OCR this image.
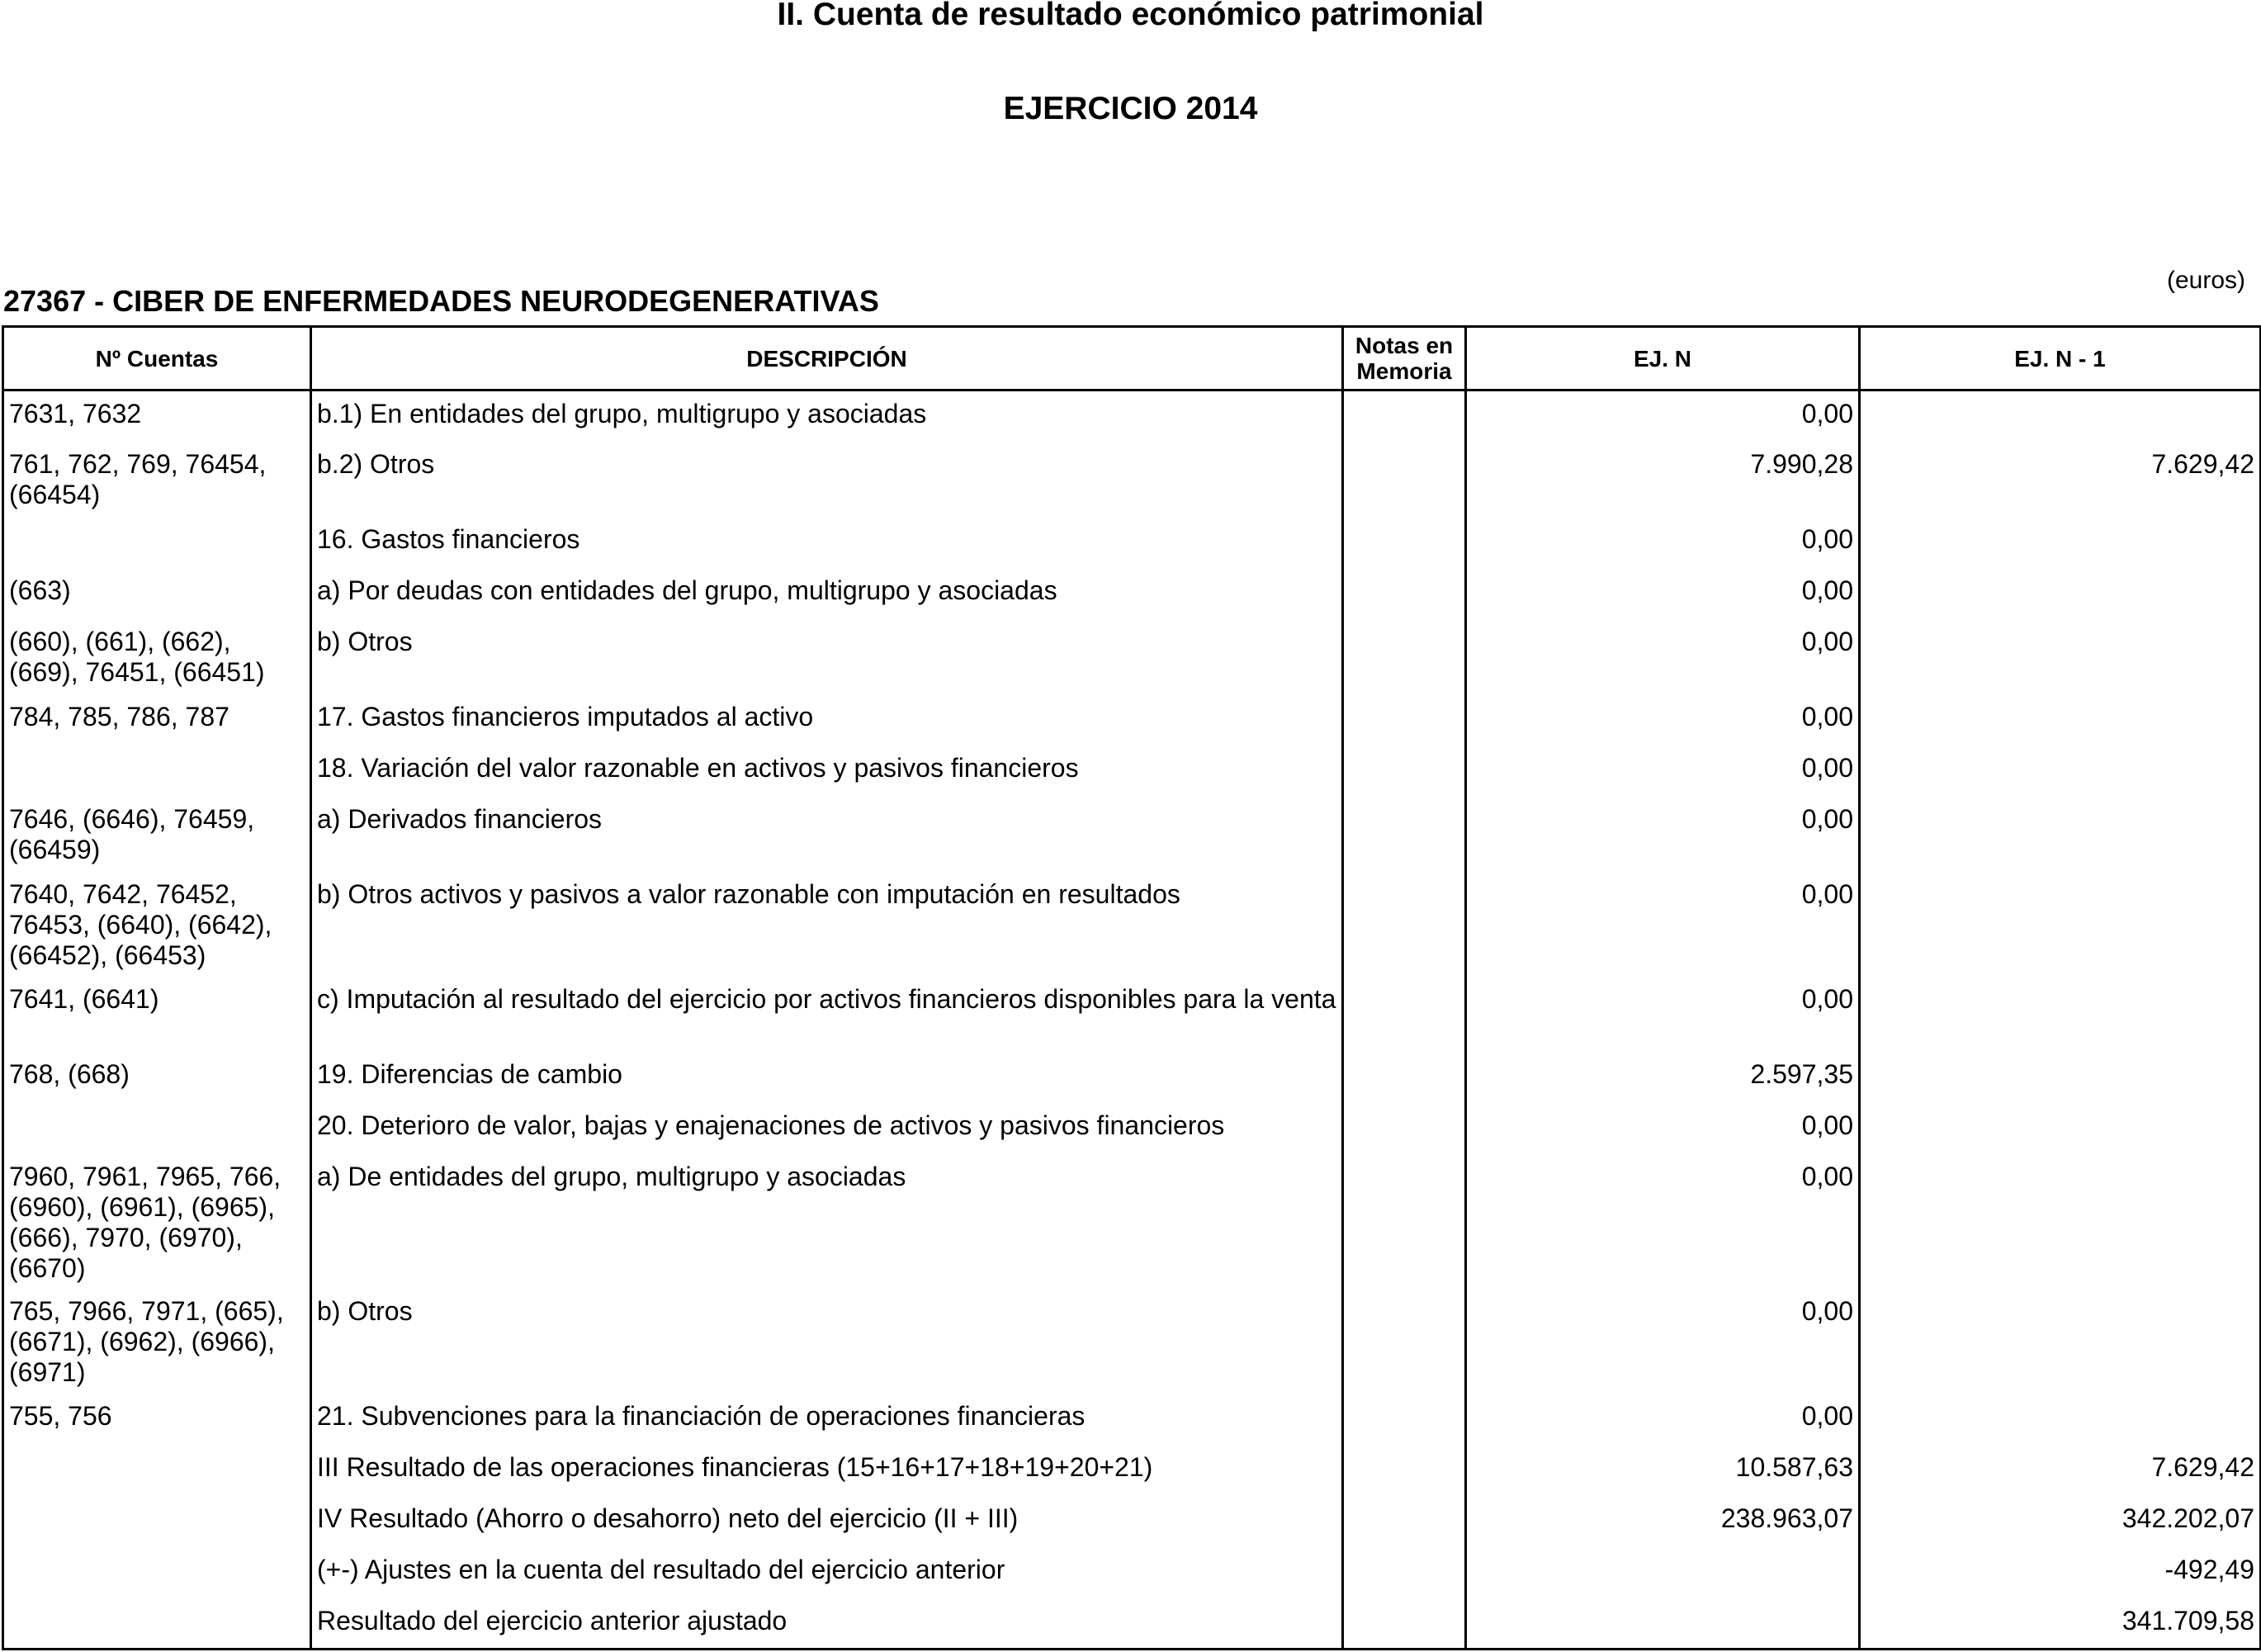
II. Cuenta de resultado económico patrimonial
EJERCICIO 2014
(euros)
27367 - CIBER DE ENFERMEDADES NEURODEGENERATIVAS
Nº Cuentas	DESCRIPCIÓN	Notas en Memoria	EJ. N	EJ. N - 1
7631, 7632	b.1) En entidades del grupo, multigrupo y asociadas		0,00	
761, 762, 769, 76454, (66454)	b.2) Otros		7.990,28	7.629,42
	16. Gastos financieros		0,00	
(663)	a) Por deudas con entidades del grupo, multigrupo y asociadas		0,00	
(660), (661), (662), (669), 76451, (66451)	b) Otros		0,00	
784, 785, 786, 787	17. Gastos financieros imputados al activo		0,00	
	18. Variación del valor razonable en activos y pasivos financieros		0,00	
7646, (6646), 76459, (66459)	a) Derivados financieros		0,00	
7640, 7642, 76452, 76453, (6640), (6642), (66452), (66453)	b) Otros activos y pasivos a valor razonable con imputación en resultados		0,00	
7641, (6641)	c) Imputación al resultado del ejercicio por activos financieros disponibles para la venta		0,00	
768, (668)	19. Diferencias de cambio		2.597,35	
	20. Deterioro de valor, bajas y enajenaciones de activos y pasivos financieros		0,00	
7960, 7961, 7965, 766, (6960), (6961), (6965), (666), 7970, (6970), (6670)	a) De entidades del grupo, multigrupo y asociadas		0,00	
765, 7966, 7971, (665), (6671), (6962), (6966), (6971)	b) Otros		0,00	
755, 756	21. Subvenciones para la financiación de operaciones financieras		0,00	
	III Resultado de las operaciones financieras (15+16+17+18+19+20+21)		10.587,63	7.629,42
	IV Resultado (Ahorro o desahorro) neto del ejercicio (II + III)		238.963,07	342.202,07
	(+-) Ajustes en la cuenta del resultado del ejercicio anterior			-492,49
	Resultado del ejercicio anterior ajustado			341.709,58
